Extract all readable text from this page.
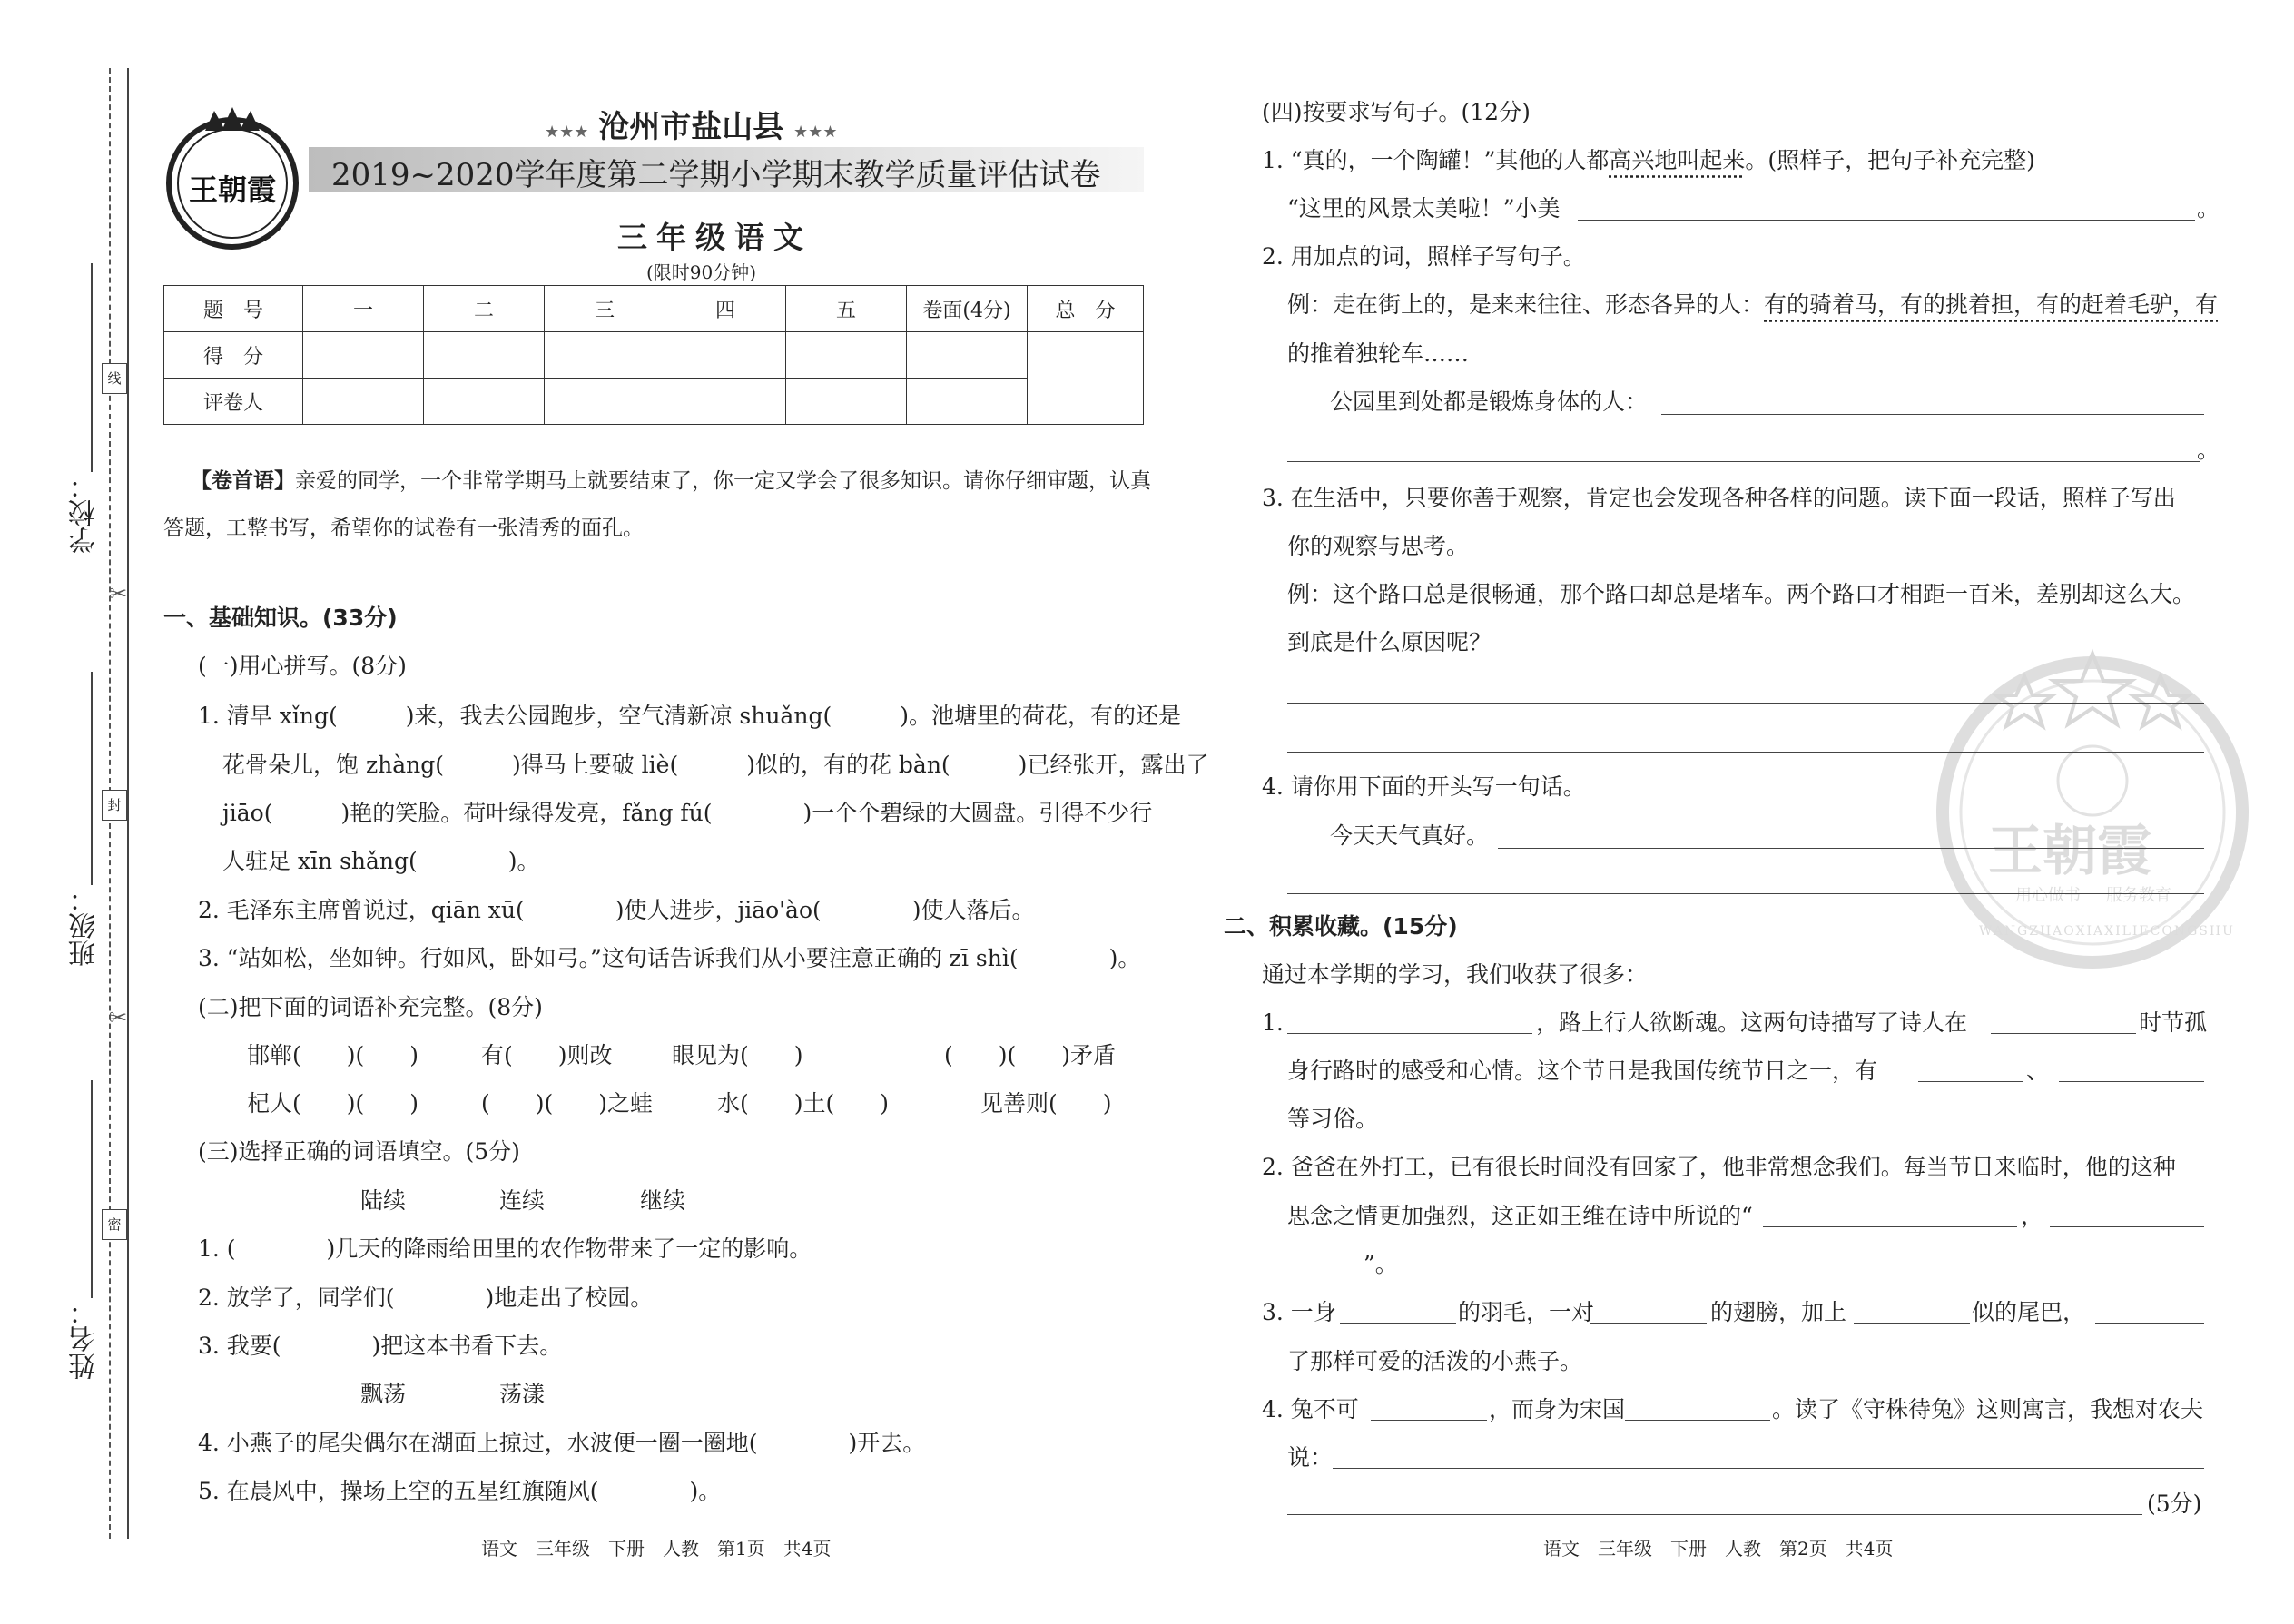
线
封
密
✂
✂
学校：
班级：
姓名：
王朝霞
★★★ 沧州市盐山县 ★★★
2019~2020学年度第二学期小学期末教学质量评估试卷
三年级语文
(限时90分钟)
题　号	一	二	三	四	五	卷面(4分)	总　分
得　分							
评卷人							
【卷首语】亲爱的同学，一个非常学期马上就要结束了，你一定又学会了很多知识。请你仔细审题，认真
答题，工整书写，希望你的试卷有一张清秀的面孔。
一、基础知识。(33分)
(一)用心拼写。(8分)
1. 清早 xǐng(　　　)来，我去公园跑步，空气清新凉 shuǎng(　　　)。池塘里的荷花，有的还是
花骨朵儿，饱 zhàng(　　　)得马上要破 liè(　　　)似的，有的花 bàn(　　　)已经张开，露出了
jiāo(　　　)艳的笑脸。荷叶绿得发亮，fǎng fú(　　　　)一个个碧绿的大圆盘。引得不少行
人驻足 xīn shǎng(　　　　)。
2. 毛泽东主席曾说过，qiān xū(　　　　)使人进步，jiāo'ào(　　　　)使人落后。
3. “站如松，坐如钟。行如风，卧如弓。”这句话告诉我们从小要注意正确的 zī shì(　　　　)。
(二)把下面的词语补充完整。(8分)
邯郸(　　)(　　)	有(　　)则改	眼见为(　　)	(　　)(　　)矛盾
杞人(　　)(　　)	(　　)(　　)之蛙	水(　　)土(　　)	见善则(　　)
(三)选择正确的词语填空。(5分)
陆续	连续	继续
1. (　　　　)几天的降雨给田里的农作物带来了一定的影响。
2. 放学了，同学们(　　　　)地走出了校园。
3. 我要(　　　　)把这本书看下去。
飘荡	荡漾
4. 小燕子的尾尖偶尔在湖面上掠过，水波便一圈一圈地(　　　　)开去。
5. 在晨风中，操场上空的五星红旗随风(　　　　)。
语文　三年级　下册　人教　第1页　共4页
王朝霞
用心做书 服务教育
WANGZHAOXIAXILIECONGSHU
(四)按要求写句子。(12分)
1. “真的，一个陶罐！”其他的人都高兴地叫起来。(照样子，把句子补充完整)
“这里的风景太美啦！”小美	。
2. 用加点的词，照样子写句子。
例：走在街上的，是来来往往、形态各异的人：有的骑着马，有的挑着担，有的赶着毛驴，有
的推着独轮车……
公园里到处都是锻炼身体的人：
。
3. 在生活中，只要你善于观察，肯定也会发现各种各样的问题。读下面一段话，照样子写出
你的观察与思考。
例：这个路口总是很畅通，那个路口却总是堵车。两个路口才相距一百米，差别却这么大。
到底是什么原因呢？
4. 请你用下面的开头写一句话。
今天天气真好。
二、积累收藏。(15分)
通过本学期的学习，我们收获了很多：
1.	，路上行人欲断魂。这两句诗描写了诗人在	时节孤
身行路时的感受和心情。这个节日是我国传统节日之一，有	、
等习俗。
2. 爸爸在外打工，已有很长时间没有回家了，他非常想念我们。每当节日来临时，他的这种
思念之情更加强烈，这正如王维在诗中所说的“	，
”。
3. 一身	的羽毛，一对	的翅膀，加上	似的尾巴，
了那样可爱的活泼的小燕子。
4. 兔不可	，而身为宋国	。读了《守株待兔》这则寓言，我想对农夫
说：
(5分)
语文　三年级　下册　人教　第2页　共4页
